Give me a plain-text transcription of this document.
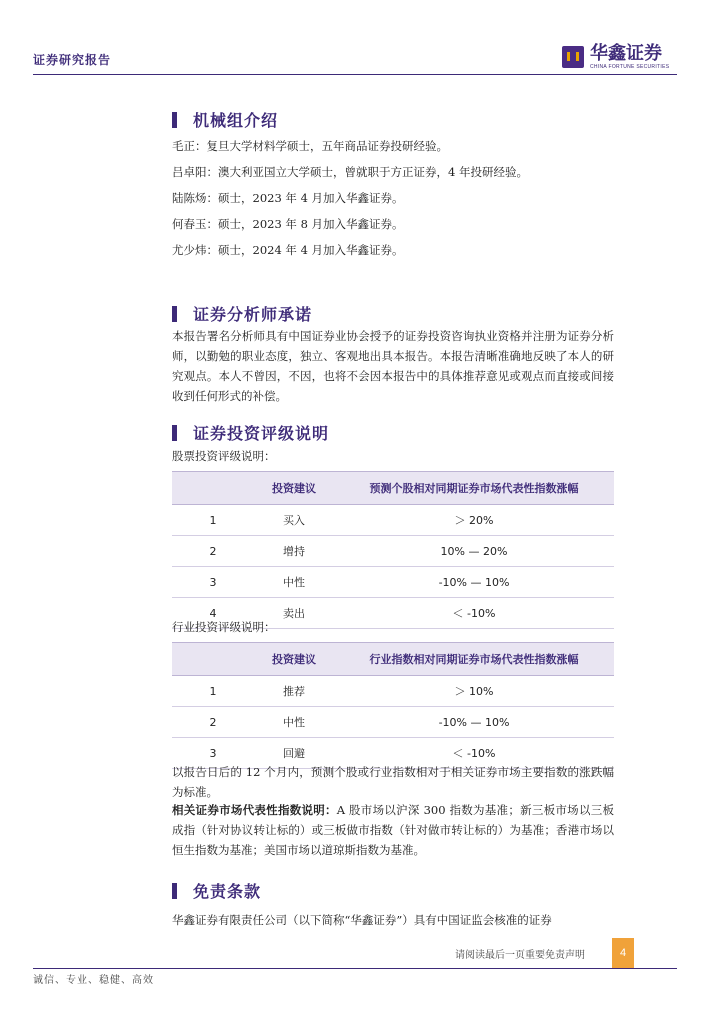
证券研究报告	华鑫证券
CHINA FORTUNE SECURITIES
机械组介绍
毛正：复旦大学材料学硕士，五年商品证券投研经验。
吕卓阳：澳大利亚国立大学硕士，曾就职于方正证券，4 年投研经验。
陆陈炀：硕士，2023 年 4 月加入华鑫证券。
何春玉：硕士，2023 年 8 月加入华鑫证券。
尤少炜：硕士，2024 年 4 月加入华鑫证券。
证券分析师承诺
本报告署名分析师具有中国证券业协会授予的证券投资咨询执业资格并注册为证券分析师，以勤勉的职业态度，独立、客观地出具本报告。本报告清晰准确地反映了本人的研究观点。本人不曾因，不因，也将不会因本报告中的具体推荐意见或观点而直接或间接收到任何形式的补偿。
证券投资评级说明
股票投资评级说明：
	投资建议	预测个股相对同期证券市场代表性指数涨幅
1	买入	＞ 20%
2	增持	10% — 20%
3	中性	-10% — 10%
4	卖出	＜ -10%
行业投资评级说明：
	投资建议	行业指数相对同期证券市场代表性指数涨幅
1	推荐	＞ 10%
2	中性	-10% — 10%
3	回避	＜ -10%
以报告日后的 12 个月内，预测个股或行业指数相对于相关证券市场主要指数的涨跌幅为标准。
相关证券市场代表性指数说明：A 股市场以沪深 300 指数为基准；新三板市场以三板成指（针对协议转让标的）或三板做市指数（针对做市转让标的）为基准；香港市场以恒生指数为基准；美国市场以道琼斯指数为基准。
免责条款
华鑫证券有限责任公司（以下简称“华鑫证券”）具有中国证监会核准的证券
请阅读最后一页重要免责声明	4
诚信、专业、稳健、高效
